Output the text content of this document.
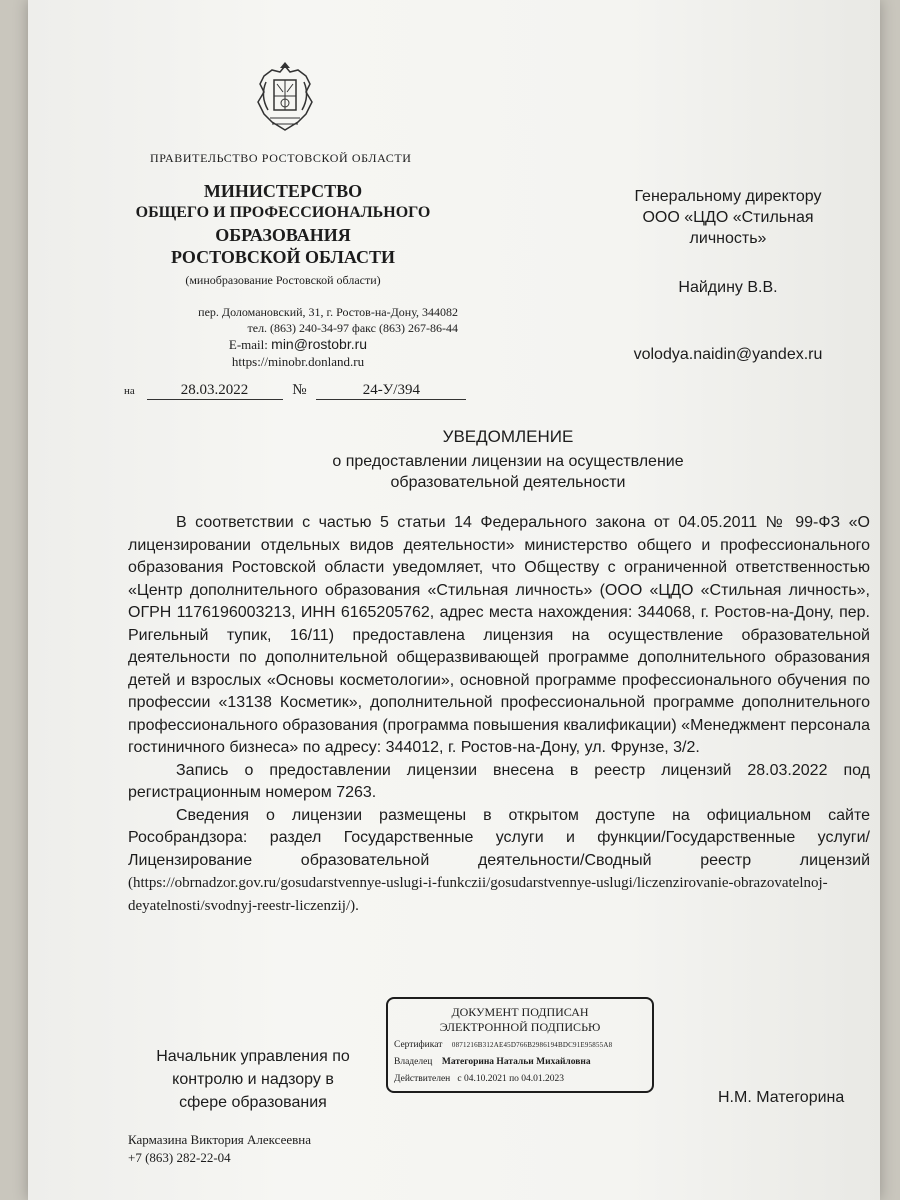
ПРАВИТЕЛЬСТВО РОСТОВСКОЙ ОБЛАСТИ
МИНИСТЕРСТВО
ОБЩЕГО И ПРОФЕССИОНАЛЬНОГО
ОБРАЗОВАНИЯ
РОСТОВСКОЙ ОБЛАСТИ
(минобразование Ростовской области)
пер. Доломановский, 31, г. Ростов-на-Дону, 344082
тел. (863) 240-34-97 факс (863) 267-86-44
E-mail: min@rostobr.ru
https://minobr.donland.ru
на	28.03.2022	№	24-У/394
Генеральному директору
ООО «ЦДО «Стильная
личность»
Найдину В.В.
volodya.naidin@yandex.ru
УВЕДОМЛЕНИЕ
о предоставлении лицензии на осуществление
образовательной деятельности

В соответствии с частью 5 статьи 14 Федерального закона от 04.05.2011 № 99-ФЗ «О лицензировании отдельных видов деятельности» министерство общего и профессионального образования Ростовской области уведомляет, что Обществу с ограниченной ответственностью «Центр дополнительного образования «Стильная личность» (ООО «ЦДО «Стильная личность», ОГРН 1176196003213, ИНН 6165205762, адрес места нахождения: 344068, г. Ростов-на-Дону, пер. Ригельный тупик, 16/11) предоставлена лицензия на осуществление образовательной деятельности по дополнительной общеразвивающей программе дополнительного образования детей и взрослых «Основы косметологии», основной программе профессионального обучения по профессии «13138 Косметик», дополнительной профессиональной программе дополнительного профессионального образования (программа повышения квалификации) «Менеджмент персонала гостиничного бизнеса» по адресу: 344012, г. Ростов-на-Дону, ул. Фрунзе, 3/2.

Запись о предоставлении лицензии внесена в реестр лицензий 28.03.2022 под регистрационным номером 7263.

Сведения о лицензии размещены в открытом доступе на официальном сайте Рособрандзора: раздел Государственные услуги и функции/Государственные услуги/Лицензирование образовательной деятельности/Сводный реестр лицензий (https://obrnadzor.gov.ru/gosudarstvennye-uslugi-i-funkczii/gosudarstvennye-uslugi/liczenzirovanie-obrazovatelnoj-deyatelnosti/svodnyj-reestr-liczenzij/).

ДОКУМЕНТ ПОДПИСАН
ЭЛЕКТРОННОЙ ПОДПИСЬЮ
Сертификат 0871216B312AE45D766B2986194BDC91E95855A8
Владелец Матегорина Натальи Михайловна
Действителен с 04.10.2021 по 04.01.2023
Начальник управления по
контролю и надзору в
сфере образования	Н.М. Матегорина
Кармазина Виктория Алексеевна
+7 (863) 282-22-04
